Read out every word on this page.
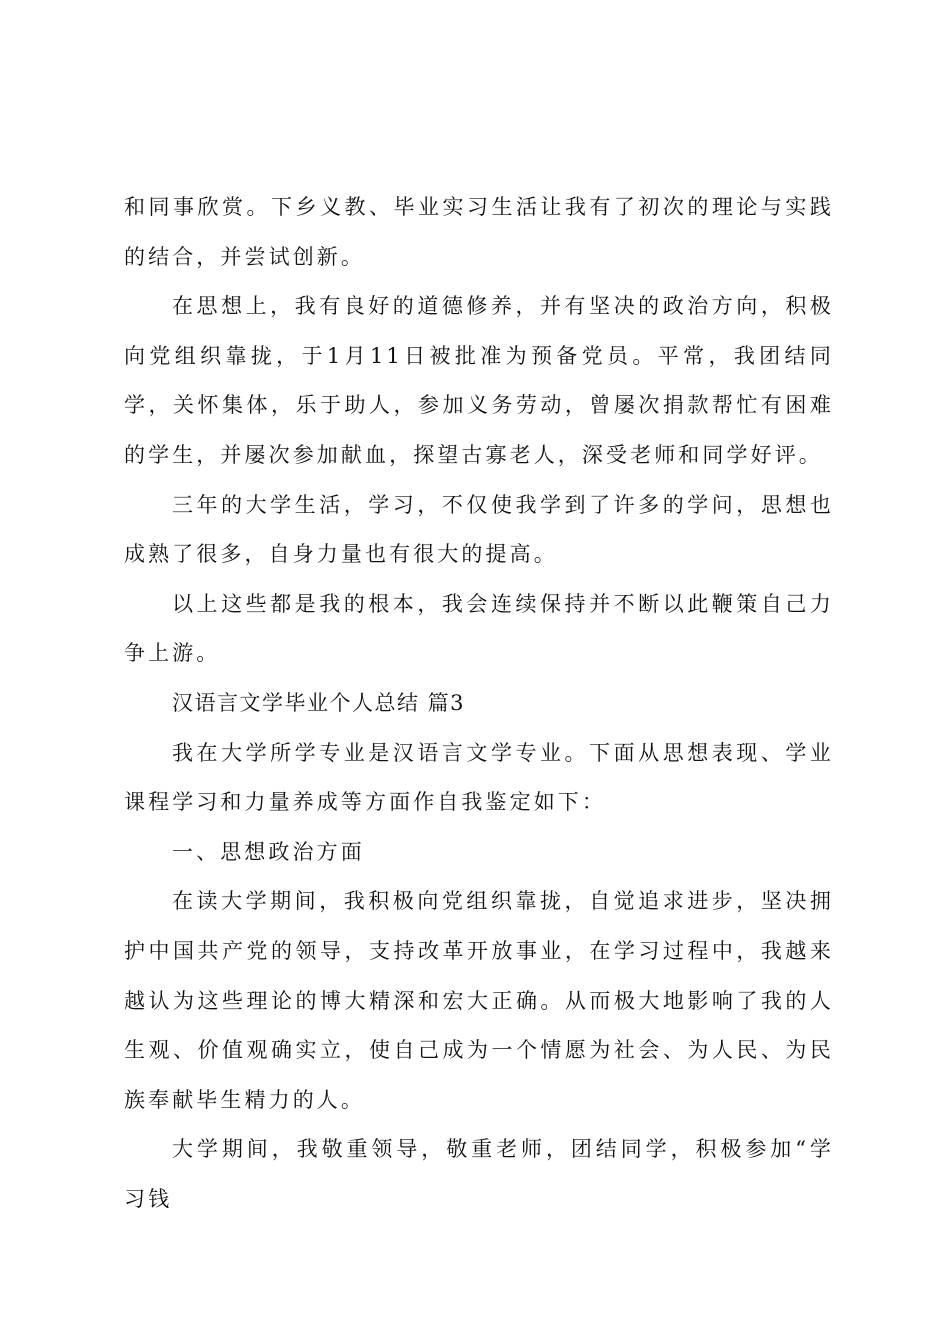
和同事欣赏。下乡义教、毕业实习生活让我有了初次的理论与实践的结合，并尝试创新。

在思想上，我有良好的道德修养，并有坚决的政治方向，积极向党组织靠拢，于1月11日被批准为预备党员。平常，我团结同学，关怀集体，乐于助人，参加义务劳动，曾屡次捐款帮忙有困难的学生，并屡次参加献血，探望古寡老人，深受老师和同学好评。

三年的大学生活，学习，不仅使我学到了许多的学问，思想也成熟了很多，自身力量也有很大的提高。

以上这些都是我的根本，我会连续保持并不断以此鞭策自己力争上游。

汉语言文学毕业个人总结 篇3

我在大学所学专业是汉语言文学专业。下面从思想表现、学业课程学习和力量养成等方面作自我鉴定如下：

一、思想政治方面

在读大学期间，我积极向党组织靠拢，自觉追求进步，坚决拥护中国共产党的领导，支持改革开放事业，在学习过程中，我越来越认为这些理论的博大精深和宏大正确。从而极大地影响了我的人生观、价值观确实立，使自己成为一个情愿为社会、为人民、为民族奉献毕生精力的人。

大学期间，我敬重领导，敬重老师，团结同学，积极参加“学习钱
